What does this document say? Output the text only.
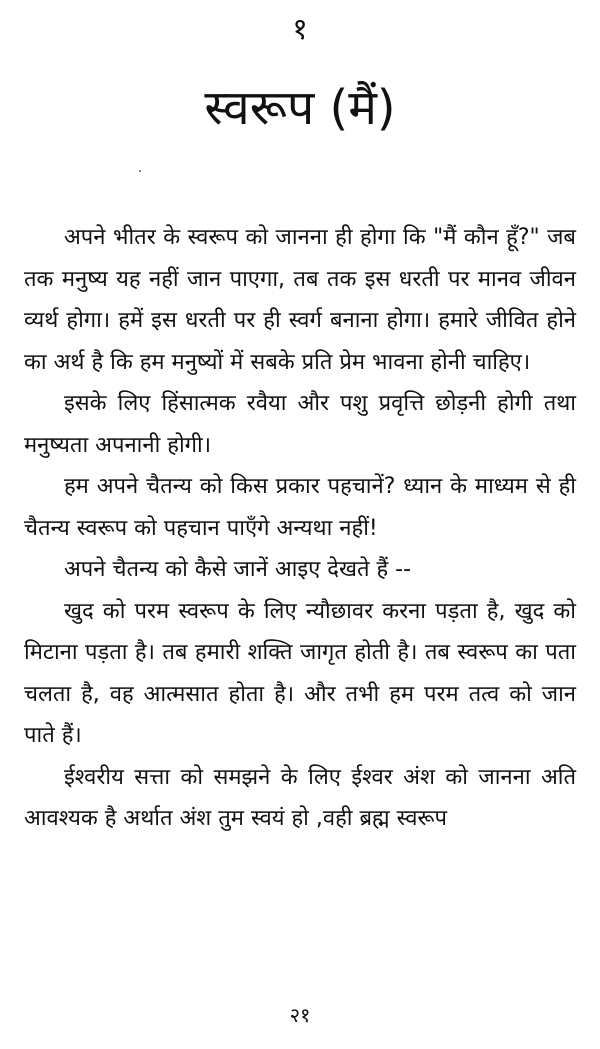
१
स्वरूप (मैं)

अपने भीतर के स्वरूप को जानना ही होगा कि "मैं कौन हूँ?" जब तक मनुष्य यह नहीं जान पाएगा, तब तक इस धरती पर मानव जीवन व्यर्थ होगा। हमें इस धरती पर ही स्वर्ग बनाना होगा। हमारे जीवित होने का अर्थ है कि हम मनुष्यों में सबके प्रति प्रेम भावना होनी चाहिए।

इसके लिए हिंसात्मक रवैया और पशु प्रवृत्ति छोड़नी होगी तथा मनुष्यता अपनानी होगी।

हम अपने चैतन्य को किस प्रकार पहचानें? ध्यान के माध्यम से ही चैतन्य स्वरूप को पहचान पाएँगे अन्यथा नहीं!

अपने चैतन्य को कैसे जानें आइए देखते हैं --

खुद को परम स्वरूप के लिए न्यौछावर करना पड़ता है, खुद को मिटाना पड़ता है। तब हमारी शक्ति जागृत होती है। तब स्वरूप का पता चलता है, वह आत्मसात होता है। और तभी हम परम तत्व को जान पाते हैं।

ईश्वरीय सत्ता को समझने के लिए ईश्वर अंश को जानना अति आवश्यक है अर्थात अंश तुम स्वयं हो ,वही ब्रह्म स्वरूप

२१
